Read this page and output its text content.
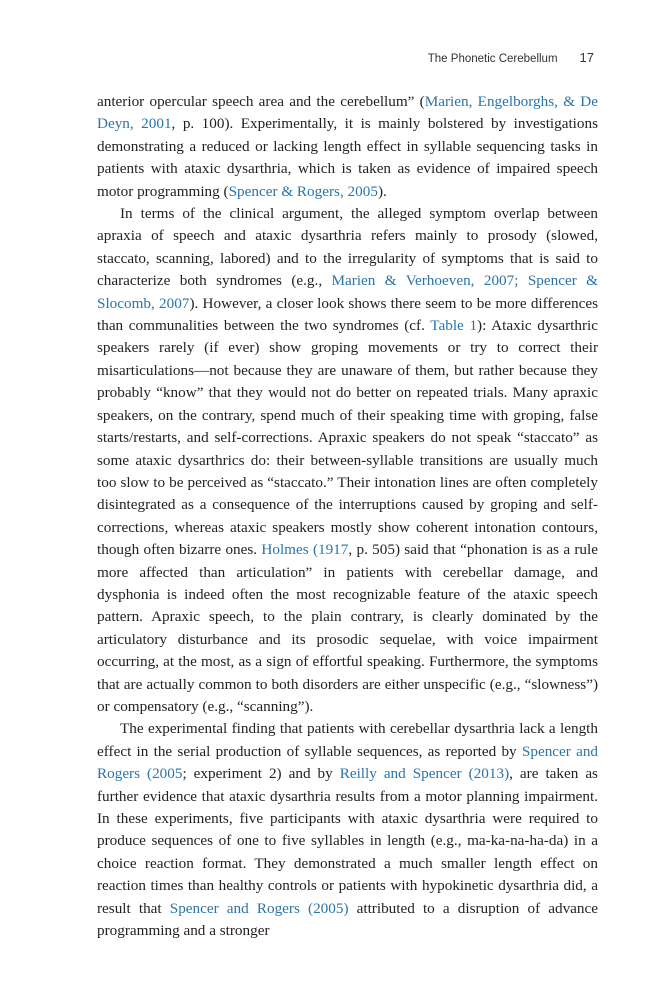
The Phonetic Cerebellum 17

anterior opercular speech area and the cerebellum” (Marien, Engelborghs, & De Deyn, 2001, p. 100). Experimentally, it is mainly bolstered by investigations demonstrating a reduced or lacking length effect in syllable sequencing tasks in patients with ataxic dysarthria, which is taken as evidence of impaired speech motor programming (Spencer & Rogers, 2005).

In terms of the clinical argument, the alleged symptom overlap between apraxia of speech and ataxic dysarthria refers mainly to prosody (slowed, staccato, scanning, labored) and to the irregularity of symptoms that is said to characterize both syndromes (e.g., Marien & Verhoeven, 2007; Spencer & Slocomb, 2007). However, a closer look shows there seem to be more differences than communalities between the two syndromes (cf. Table 1): Ataxic dysarthric speakers rarely (if ever) show groping movements or try to correct their misarticulations—not because they are unaware of them, but rather because they probably “know” that they would not do better on repeated trials. Many apraxic speakers, on the contrary, spend much of their speaking time with groping, false starts/restarts, and self-corrections. Apraxic speakers do not speak “staccato” as some ataxic dysarthrics do: their between-syllable transitions are usually much too slow to be perceived as “staccato.” Their intonation lines are often completely disintegrated as a consequence of the interruptions caused by groping and self-corrections, whereas ataxic speakers mostly show coherent intonation contours, though often bizarre ones. Holmes (1917, p. 505) said that “phonation is as a rule more affected than articulation” in patients with cerebellar damage, and dysphonia is indeed often the most recognizable feature of the ataxic speech pattern. Apraxic speech, to the plain contrary, is clearly dominated by the articulatory disturbance and its prosodic sequelae, with voice impairment occurring, at the most, as a sign of effortful speaking. Furthermore, the symptoms that are actually common to both disorders are either unspecific (e.g., “slowness”) or compensatory (e.g., “scanning”).

The experimental finding that patients with cerebellar dysarthria lack a length effect in the serial production of syllable sequences, as reported by Spencer and Rogers (2005; experiment 2) and by Reilly and Spencer (2013), are taken as further evidence that ataxic dysarthria results from a motor planning impairment. In these experiments, five participants with ataxic dysarthria were required to produce sequences of one to five syllables in length (e.g., ma-ka-na-ha-da) in a choice reaction format. They demonstrated a much smaller length effect on reaction times than healthy controls or patients with hypokinetic dysarthria did, a result that Spencer and Rogers (2005) attributed to a disruption of advance programming and a stronger
